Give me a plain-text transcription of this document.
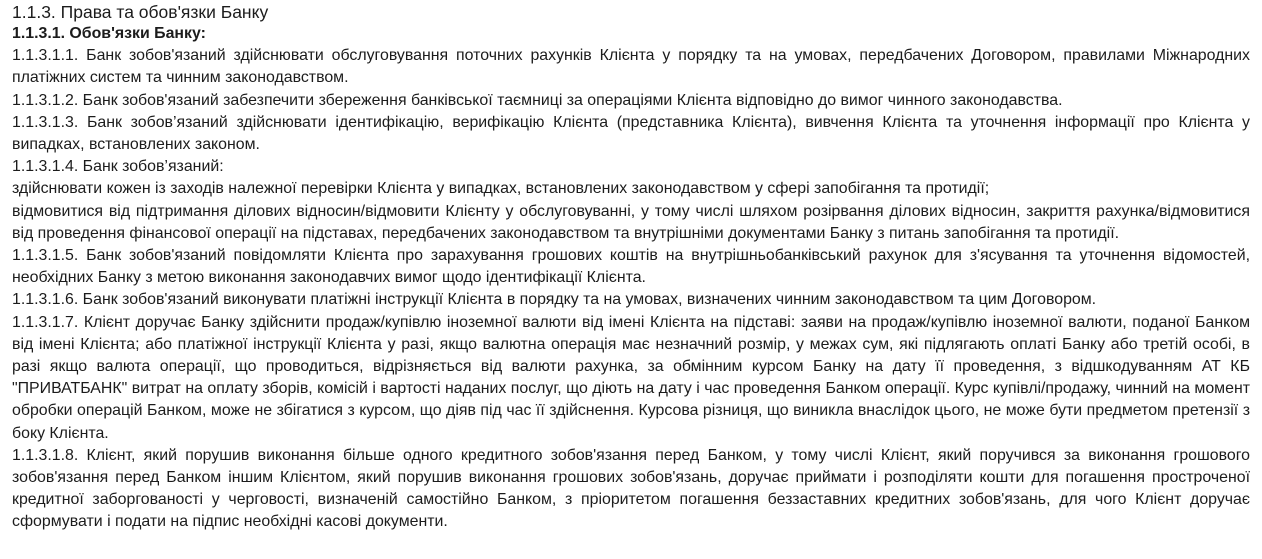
1.1.3. Права та обов'язки Банку

1.1.3.1. Обов'язки Банку:

1.1.3.1.1. Банк зобов'язаний здійснювати обслуговування поточних рахунків Клієнта у порядку та на умовах, передбачених Договором, правилами Міжнародних платіжних систем та чинним законодавством.

1.1.3.1.2. Банк зобов'язаний забезпечити збереження банківської таємниці за операціями Клієнта відповідно до вимог чинного законодавства.

1.1.3.1.3. Банк зобов’язаний здійснювати ідентифікацію, верифікацію Клієнта (представника Клієнта), вивчення Клієнта та уточнення інформації про Клієнта у випадках, встановлених законом.

1.1.3.1.4. Банк зобов’язаний:

здійснювати кожен із заходів належної перевірки Клієнта у випадках, встановлених законодавством у сфері запобігання та протидії;

відмовитися від підтримання ділових відносин/відмовити Клієнту у обслуговуванні, у тому числі шляхом розірвання ділових відносин, закриття рахунка/відмовитися від проведення фінансової операції на підставах, передбачених законодавством та внутрішніми документами Банку з питань запобігання та протидії.

1.1.3.1.5. Банк зобов'язаний повідомляти Клієнта про зарахування грошових коштів на внутрішньобанківський рахунок для з'ясування та уточнення відомостей, необхідних Банку з метою виконання законодавчих вимог щодо ідентифікації Клієнта.

1.1.3.1.6. Банк зобов'язаний виконувати платіжні інструкції Клієнта в порядку та на умовах, визначених чинним законодавством та цим Договором.

1.1.3.1.7. Клієнт доручає Банку здійснити продаж/купівлю іноземної валюти від імені Клієнта на підставі: заяви на продаж/купівлю іноземної валюти, поданої Банком від імені Клієнта; або платіжної інструкції Клієнта у разі, якщо валютна операція має незначний розмір, у межах сум, які підлягають оплаті Банку або третій особі, в разі якщо валюта операції, що проводиться, відрізняється від валюти рахунка, за обмінним курсом Банку на дату її проведення, з відшкодуванням АТ КБ "ПРИВАТБАНК" витрат на оплату зборів, комісій і вартості наданих послуг, що діють на дату і час проведення Банком операції. Курс купівлі/продажу, чинний на момент обробки операцій Банком, може не збігатися з курсом, що діяв під час її здійснення. Курсова різниця, що виникла внаслідок цього, не може бути предметом претензії з боку Клієнта.

1.1.3.1.8. Клієнт, який порушив виконання більше одного кредитного зобов'язання перед Банком, у тому числі Клієнт, який поручився за виконання грошового зобов'язання перед Банком іншим Клієнтом, який порушив виконання грошових зобов'язань, доручає приймати і розподіляти кошти для погашення простроченої кредитної заборгованості у черговості, визначеній самостійно Банком, з пріоритетом погашення беззаставних кредитних зобов'язань, для чого Клієнт доручає сформувати і подати на підпис необхідні касові документи.
